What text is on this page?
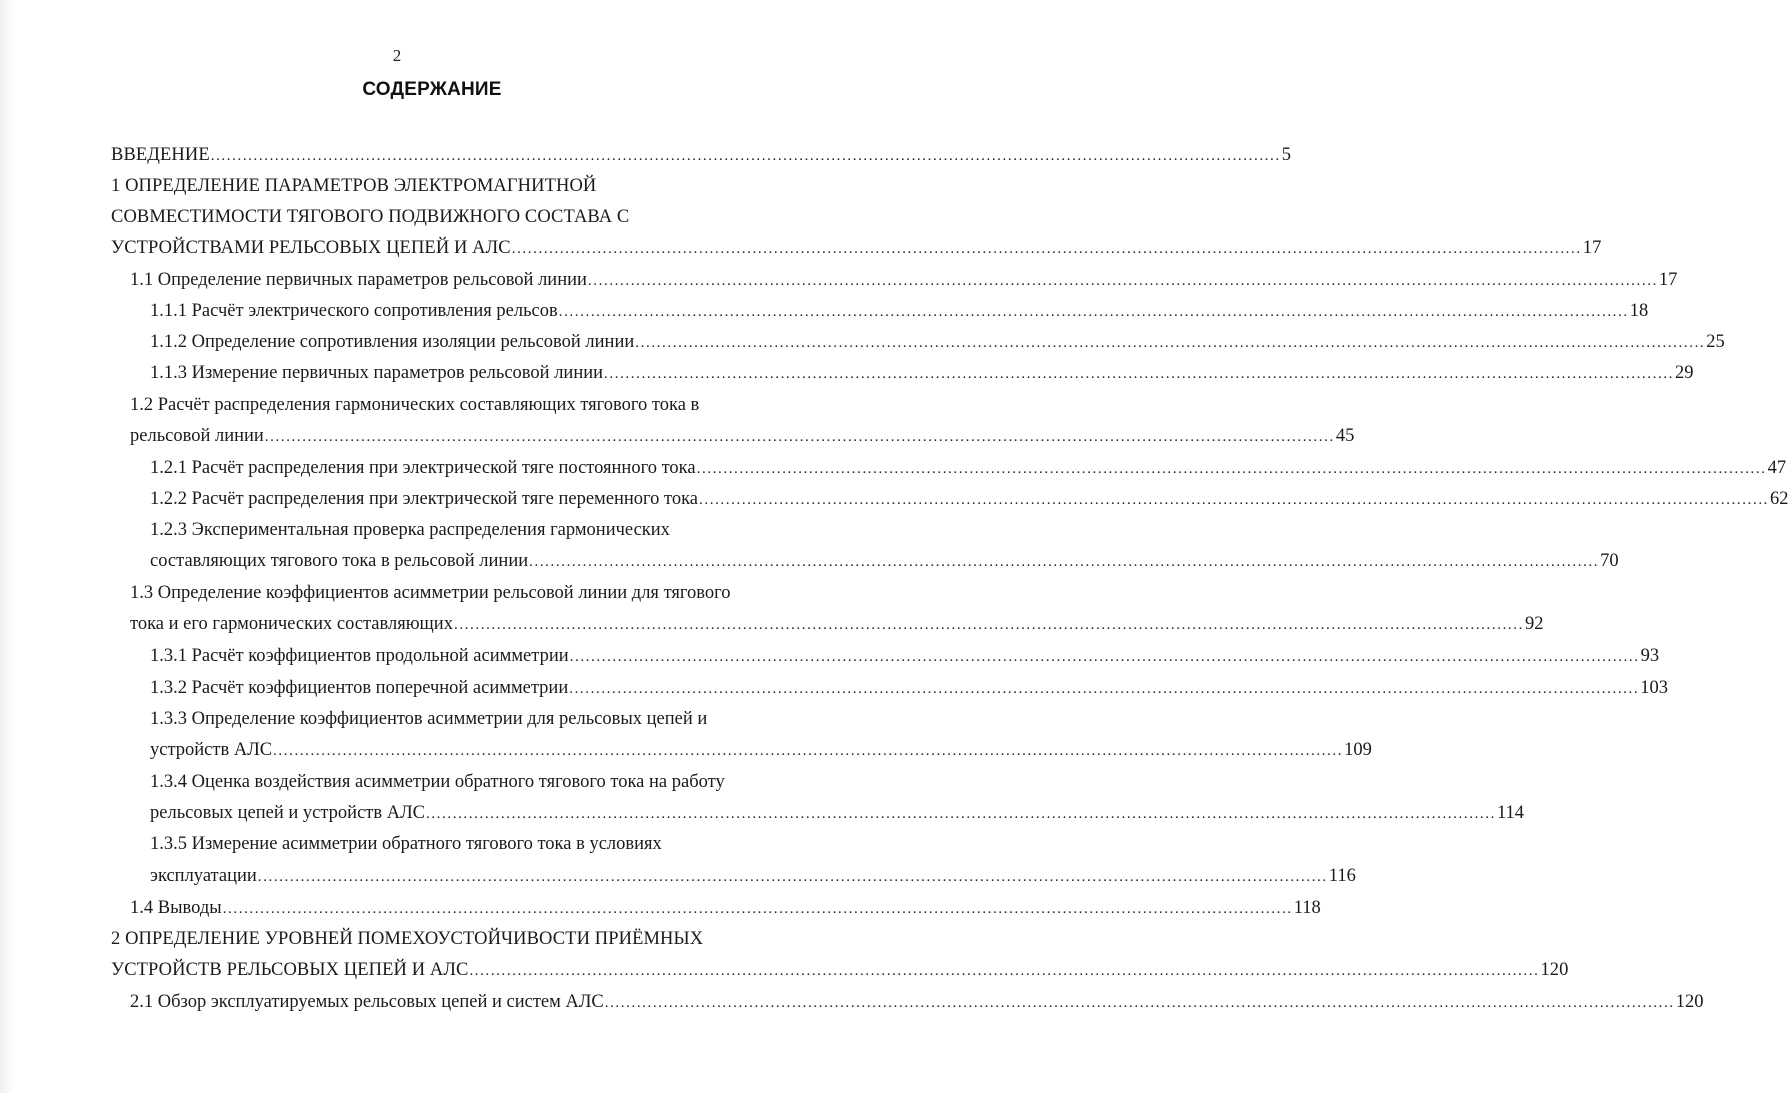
2
СОДЕРЖАНИЕ
ВВЕДЕНИЕ ........................................................................................................................................................................................................ 5
1 ОПРЕДЕЛЕНИЕ ПАРАМЕТРОВ ЭЛЕКТРОМАГНИТНОЙ
СОВМЕСТИМОСТИ ТЯГОВОГО ПОДВИЖНОГО СОСТАВА С
УСТРОЙСТВАМИ РЕЛЬСОВЫХ ЦЕПЕЙ И АЛС ........................................................................................................................................................................................................ 17
1.1 Определение первичных параметров рельсовой линии ........................................................................................................................................................................................................ 17
1.1.1 Расчёт электрического сопротивления рельсов ........................................................................................................................................................................................................ 18
1.1.2 Определение сопротивления изоляции рельсовой линии ........................................................................................................................................................................................................ 25
1.1.3 Измерение первичных параметров рельсовой линии ........................................................................................................................................................................................................ 29
1.2 Расчёт распределения гармонических составляющих тягового тока в
рельсовой линии ........................................................................................................................................................................................................ 45
1.2.1 Расчёт распределения при электрической тяге постоянного тока ........................................................................................................................................................................................................ 47
1.2.2 Расчёт распределения при электрической тяге переменного тока ........................................................................................................................................................................................................ 62
1.2.3 Экспериментальная проверка распределения гармонических
составляющих тягового тока в рельсовой линии ........................................................................................................................................................................................................ 70
1.3 Определение коэффициентов асимметрии рельсовой линии для тягового
тока и его гармонических составляющих ........................................................................................................................................................................................................ 92
1.3.1 Расчёт коэффициентов продольной асимметрии ........................................................................................................................................................................................................ 93
1.3.2 Расчёт коэффициентов поперечной асимметрии ........................................................................................................................................................................................................ 103
1.3.3 Определение коэффициентов асимметрии для рельсовых цепей и
устройств АЛС ........................................................................................................................................................................................................ 109
1.3.4 Оценка воздействия асимметрии обратного тягового тока на работу
рельсовых цепей и устройств АЛС ........................................................................................................................................................................................................ 114
1.3.5 Измерение асимметрии обратного тягового тока в условиях
эксплуатации ........................................................................................................................................................................................................ 116
1.4 Выводы ........................................................................................................................................................................................................ 118
2 ОПРЕДЕЛЕНИЕ УРОВНЕЙ ПОМЕХОУСТОЙЧИВОСТИ ПРИЁМНЫХ
УСТРОЙСТВ РЕЛЬСОВЫХ ЦЕПЕЙ И АЛС ........................................................................................................................................................................................................ 120
2.1 Обзор эксплуатируемых рельсовых цепей и систем АЛС ........................................................................................................................................................................................................ 120
